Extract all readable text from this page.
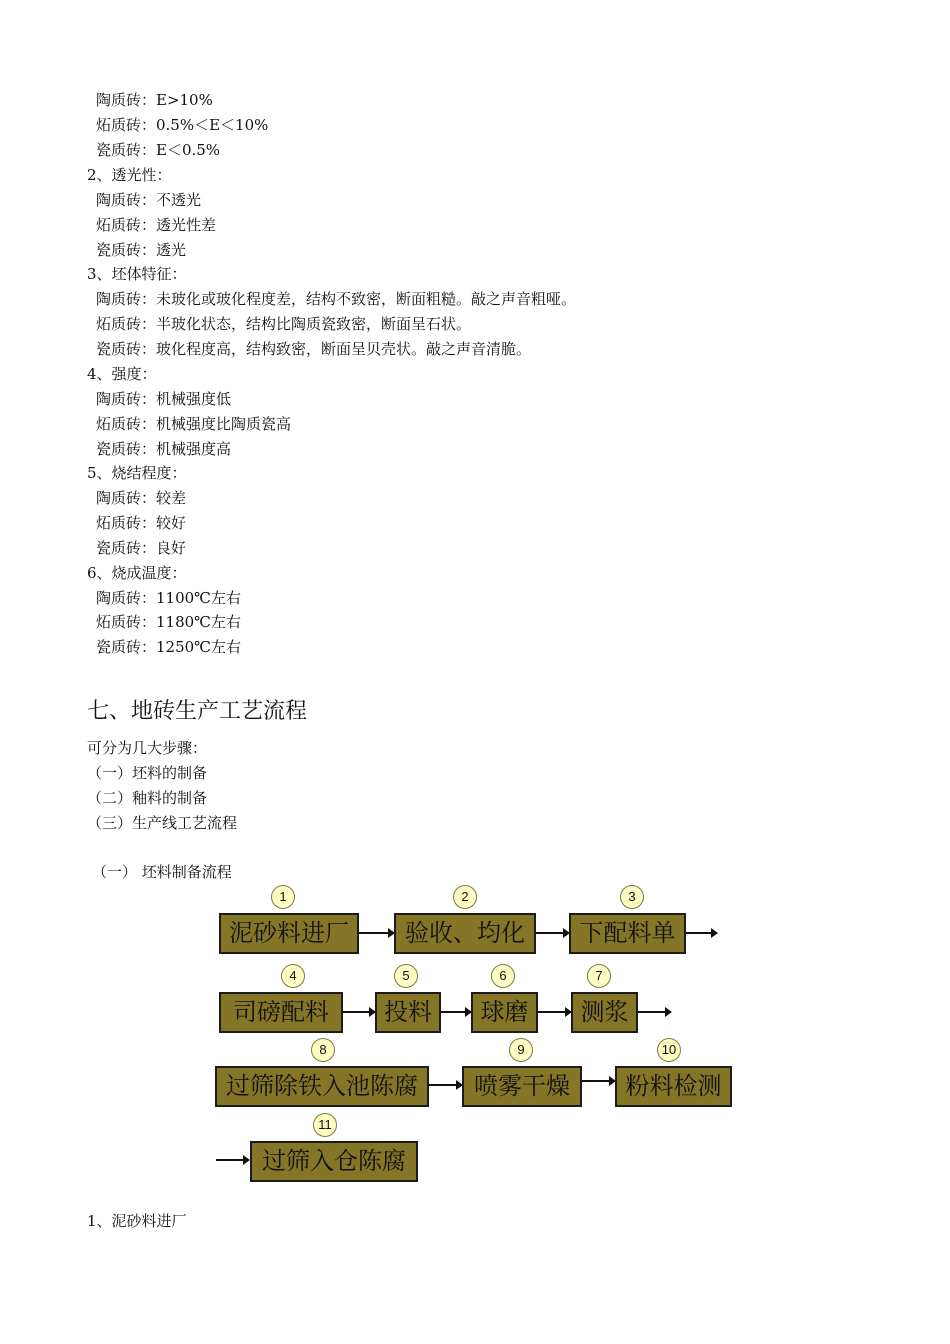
陶质砖：E>10%
炻质砖：0.5%＜E＜10%
瓷质砖：E＜0.5%
2、透光性：
陶质砖：不透光
炻质砖：透光性差
瓷质砖：透光
3、坯体特征：
陶质砖：未玻化或玻化程度差，结构不致密，断面粗糙。敲之声音粗哑。
炻质砖：半玻化状态，结构比陶质瓷致密，断面呈石状。
瓷质砖：玻化程度高，结构致密，断面呈贝壳状。敲之声音清脆。
4、强度：
陶质砖：机械强度低
炻质砖：机械强度比陶质瓷高
瓷质砖：机械强度高
5、烧结程度：
陶质砖：较差
炻质砖：较好
瓷质砖：良好
6、烧成温度：
陶质砖：1100℃左右
炻质砖：1180℃左右
瓷质砖：1250℃左右
七、地砖生产工艺流程
可分为几大步骤：
（一）坯料的制备
（二）釉料的制备
（三）生产线工艺流程
（一） 坯料制备流程
1	2	3
泥砂料进厂	验收、均化	下配料单
4	5	6	7
司磅配料	投料	球磨	测浆
8	9	10
过筛除铁入池陈腐	喷雾干燥	粉料检测
11
过筛入仓陈腐
1、泥砂料进厂
